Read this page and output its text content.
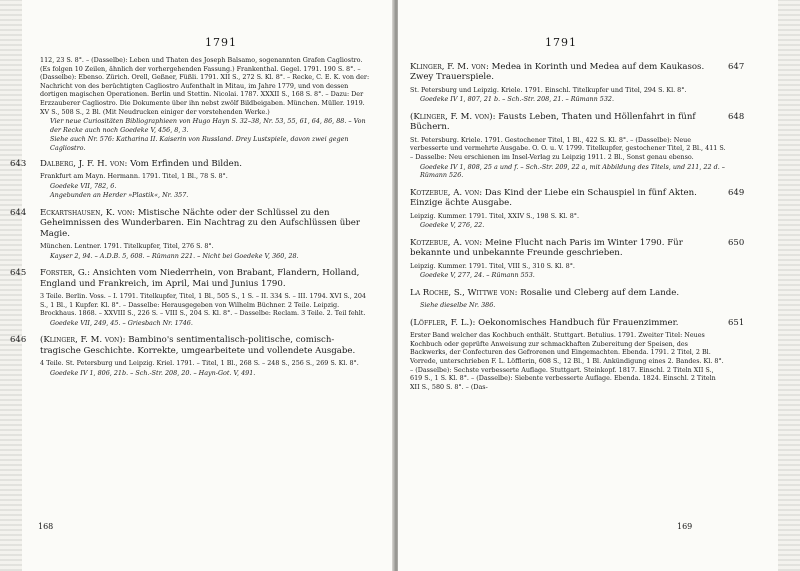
1791
112, 23 S. 8°. – (Dasselbe): Leben und Thaten des Joseph Balsamo, sogenannten Grafen Cagliostro. (Es folgen 10 Zeilen, ähnlich der vorhergehenden Fassung.) Frankenthal. Gegel. 1791. 190 S. 8°. – (Dasselbe): Ebenso. Zürich. Orell, Geßner, Füßli. 1791. XII S., 272 S. Kl. 8°. – Recke, C. E. K. von der: Nachricht von des berüchtigten Cagliostro Aufenthalt in Mitau, im Jahre 1779, und von dessen dortigen magischen Operationen. Berlin und Stettin. Nicolai. 1787. XXXII S., 168 S. 8°. – Dazu: Der Erzzauberer Cagliostro. Die Dokumente über ihn nebst zwölf Bildbeigaben. München. Müller. 1919. XV S., 508 S., 2 Bl. (Mit Neudrucken einiger der vorstehenden Werke.)
Vier neue Curiositäten Bibliographieen von Hugo Hayn S. 32–38, Nr. 53, 55, 61, 64, 86, 88. – Von der Recke auch noch Goedeke V, 456, 8, 3.
Siehe auch Nr. 576: Katharina II. Kaiserin von Russland. Drey Lustspiele, davon zwei gegen Cagliostro.
643 Dalberg, J. F. H. von: Vom Erfinden und Bilden.
Frankfurt am Mayn. Hermann. 1791. Titel, 1 Bl., 78 S. 8°.
Goedeke VII, 782, 6.
Angebunden an Herder »Plastik«, Nr. 357.
644 Eckartshausen, K. von: Mistische Nächte oder der Schlüssel zu den Geheimnissen des Wunderbaren. Ein Nachtrag zu den Aufschlüssen über Magie.
München. Lentner. 1791. Titelkupfer, Titel, 276 S. 8°.
Kayser 2, 94. – A.D.B. 5, 608. – Rümann 221. – Nicht bei Goedeke V, 360, 28.
645 Forster, G.: Ansichten vom Niederrhein, von Brabant, Flandern, Holland, England und Frankreich, im April, Mai und Junius 1790.
3 Teile. Berlin. Voss. – I. 1791. Titelkupfer, Titel, 1 Bl., 505 S., 1 S. – II. 334 S. – III. 1794. XVI S., 204 S., 1 Bl., 1 Kupfer. Kl. 8°. – Dasselbe: Herausgegeben von Wilhelm Büchner. 2 Teile. Leipzig. Brockhaus. 1868. – XXVIII S., 226 S. – VIII S., 204 S. Kl. 8°. – Dasselbe: Reclam. 3 Teile. 2. Teil fehlt.
Goedeke VII, 249, 45. – Griesbach Nr. 1746.
646 (Klinger, F. M. von): Bambino's sentimentalisch-politische, comisch-tragische Geschichte. Korrekte, umgearbeitete und vollendete Ausgabe.
4 Teile. St. Petersburg und Leipzig. Kriel. 1791. – Titel, 1 Bl., 268 S. – 248 S., 256 S., 269 S. Kl. 8°.
Goedeke IV 1, 806, 21b. – Sch.-Str. 208, 20. – Hayn-Got. V, 491.
168
1791
647
Klinger, F. M. von: Medea in Korinth und Medea auf dem Kaukasos. Zwey Trauerspiele.
St. Petersburg und Leipzig. Kriele. 1791. Einschl. Titelkupfer und Titel, 294 S. Kl. 8°.
Goedeke IV 1, 807, 21 b. – Sch.-Str. 208, 21. – Rümann 532.
648
(Klinger, F. M. von): Fausts Leben, Thaten und Höllenfahrt in fünf Büchern.
St. Petersburg. Kriele. 1791. Gestochener Titel, 1 Bl., 422 S. Kl. 8°. – (Dasselbe): Neue verbesserte und vermehrte Ausgabe. O. O. u. V. 1799. Titelkupfer, gestochener Titel, 2 Bl., 411 S. – Dasselbe: Neu erschienen im Insel-Verlag zu Leipzig 1911. 2 Bl., Sonst genau ebenso.
Goedeke IV 1, 808, 25 a und f. – Sch.-Str. 209, 22 a, mit Abbildung des Titels, und 211, 22 d. – Rümann 526.
649
Kotzebue, A. von: Das Kind der Liebe ein Schauspiel in fünf Akten. Einzige ächte Ausgabe.
Leipzig. Kummer. 1791. Titel, XXIV S., 198 S. Kl. 8°.
Goedeke V, 276, 22.
650
Kotzebue, A. von: Meine Flucht nach Paris im Winter 1790. Für bekannte und unbekannte Freunde geschrieben.
Leipzig. Kummer. 1791. Titel, VIII S., 310 S. Kl. 8°.
Goedeke V, 277, 24. – Rümann 553.
La Roche, S., Wittwe von: Rosalie und Cleberg auf dem Lande.
Siehe dieselbe Nr. 386.
651
(Löffler, F. L.): Oekonomisches Handbuch für Frauenzimmer.
Erster Band welcher das Kochbuch enthält. Stuttgart. Betulius. 1791. Zweiter Titel: Neues Kochbuch oder geprüfte Anweisung zur schmackhaften Zubereitung der Speisen, des Backwerks, der Confecturen des Gefrorenen und Eingemachten. Ebenda. 1791. 2 Titel, 2 Bl. Vorrede, unterschrieben F. L. Löfflerin, 608 S., 12 Bl., 1 Bl. Ankündigung eines 2. Bandes. Kl. 8°. – (Dasselbe): Sechste verbesserte Auflage. Stuttgart. Steinkopf. 1817. Einschl. 2 Titeln XII S., 619 S., 1 S. Kl. 8°. – (Dasselbe): Siebente verbesserte Auflage. Ebenda. 1824. Einschl. 2 Titeln XII S., 580 S. 8°. – (Das-
169
